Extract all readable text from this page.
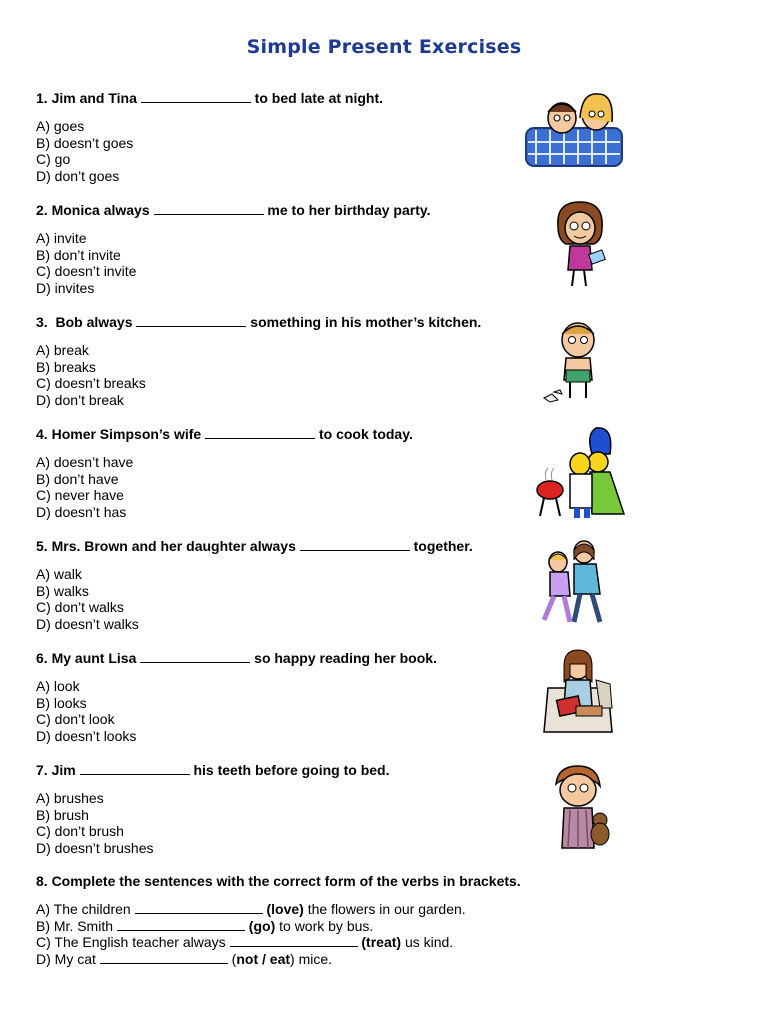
Simple Present Exercises
1. Jim and Tina	to bed late at night.
A) goes
B) doesn’t goes
C) go
D) don’t goes
2. Monica always	me to her birthday party.
A) invite
B) don’t invite
C) doesn’t invite
D) invites
3.  Bob always	something in his mother’s kitchen.
A) break
B) breaks
C) doesn’t breaks
D) don’t break
4. Homer Simpson’s wife	to cook today.
A) doesn’t have
B) don’t have
C) never have
D) doesn’t has
5. Mrs. Brown and her daughter always	together.
A) walk
B) walks
C) don’t walks
D) doesn’t walks
6. My aunt Lisa	so happy reading her book.
A) look
B) looks
C) don’t look
D) doesn’t looks
7. Jim	his teeth before going to bed.
A) brushes
B) brush
C) don’t brush
D) doesn’t brushes
8. Complete the sentences with the correct form of the verbs in brackets.
A) The children	(love) the flowers in our garden.
B) Mr. Smith	(go) to work by bus.
C) The English teacher always	(treat) us kind.
D) My cat	(not / eat) mice.
